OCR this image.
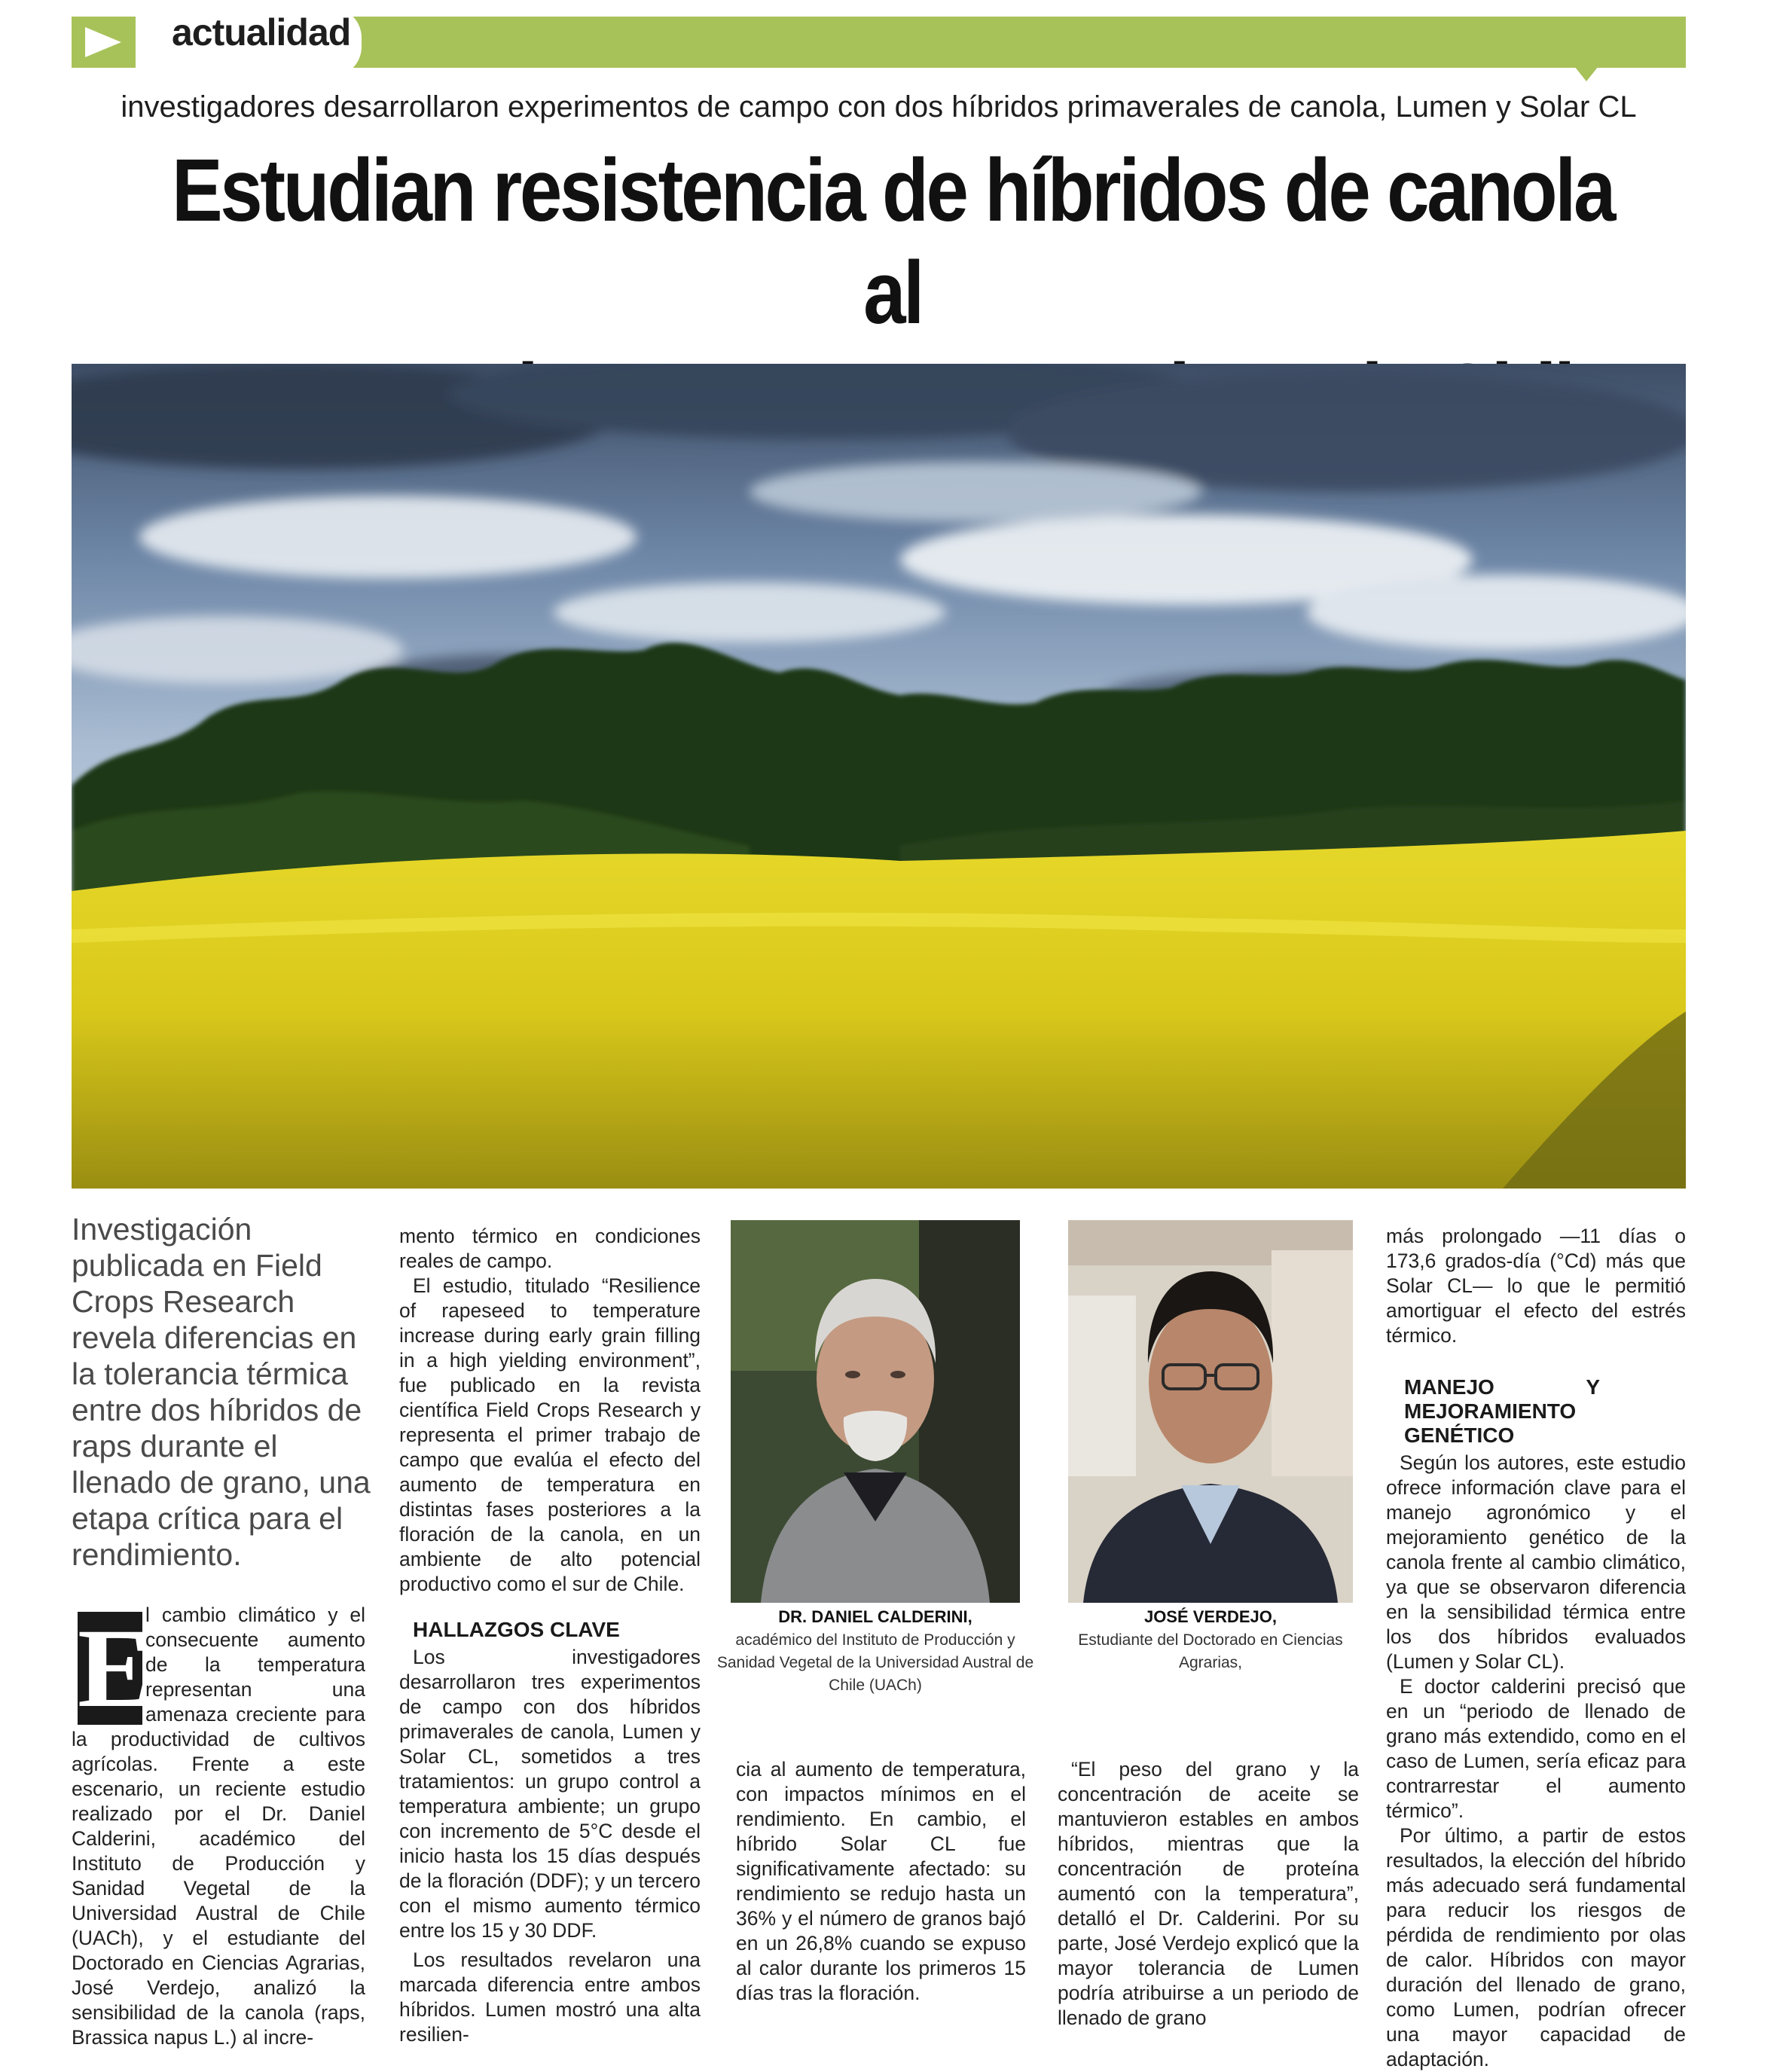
actualidad
investigadores desarrollaron experimentos de campo con dos híbridos primaverales de canola, Lumen y Solar CL
Estudian resistencia de híbridos de canola al
Investigación publicada en Field Crops Research revela diferencias en la tolerancia térmica entre dos híbridos de raps durante el llenado de grano, una etapa crítica para el rendimiento.
E

l cambio climático y el consecuente aumento de la temperatura representan una amenaza creciente para la productividad de cultivos agrícolas. Frente a este escenario, un reciente estudio realizado por el Dr. Daniel Calderini, académico del Instituto de Producción y Sanidad Vegetal de la Universidad Austral de Chile (UACh), y el estudiante del Doctorado en Ciencias Agrarias, José Verdejo, analizó la sensibilidad de la canola (raps, Brassica napus L.) al incre-

mento térmico en condiciones reales de campo.

El estudio, titulado “Resilience of rapeseed to temperature increase during early grain filling in a high yielding environment”, fue publicado en la revista científica Field Crops Research y representa el primer trabajo de campo que evalúa el efecto del aumento de temperatura en distintas fases posteriores a la floración de la canola, en un ambiente de alto potencial productivo como el sur de Chile.

HALLAZGOS CLAVE

Los investigadores desarrollaron tres experimentos de campo con dos híbridos primaverales de canola, Lumen y Solar CL, sometidos a tres tratamientos: un grupo control a temperatura ambiente; un grupo con incremento de 5°C desde el inicio hasta los 15 días después de la floración (DDF); y un tercero con el mismo aumento térmico entre los 15 y 30 DDF.

Los resultados revelaron una marcada diferencia entre ambos híbridos. Lumen mostró una alta resilien-

DR. DANIEL CALDERINI,
académico del Instituto de Producción y Sanidad Vegetal de la Universidad Austral de Chile (UACh)
JOSÉ VERDEJO,
Estudiante del Doctorado en Ciencias Agrarias,

cia al aumento de temperatura, con impactos mínimos en el rendimiento. En cambio, el híbrido Solar CL fue significativamente afectado: su rendimiento se redujo hasta un 36% y el número de granos bajó en un 26,8% cuando se expuso al calor durante los primeros 15 días tras la floración.

“El peso del grano y la concentración de aceite se mantuvieron estables en ambos híbridos, mientras que la concentración de proteína aumentó con la temperatura”, detalló el Dr. Calderini. Por su parte, José Verdejo explicó que la mayor tolerancia de Lumen podría atribuirse a un periodo de llenado de grano

más prolongado —11 días o 173,6 grados-día (°Cd) más que Solar CL— lo que le permitió amortiguar el efecto del estrés térmico.

MANEJO Y MEJORAMIENTO GENÉTICO

Según los autores, este estudio ofrece información clave para el manejo agronómico y el mejoramiento genético de la canola frente al cambio climático, ya que se observaron diferencia en la sensibilidad térmica entre los dos híbridos evaluados (Lumen y Solar CL).

E doctor calderini precisó que en un “periodo de llenado de grano más extendido, como en el caso de Lumen, sería eficaz para contrarrestar el aumento térmico”.

Por último, a partir de estos resultados, la elección del híbrido más adecuado será fundamental para reducir los riesgos de pérdida de rendimiento por olas de calor. Híbridos con mayor duración del llenado de grano, como Lumen, podrían ofrecer una mayor capacidad de adaptación.
